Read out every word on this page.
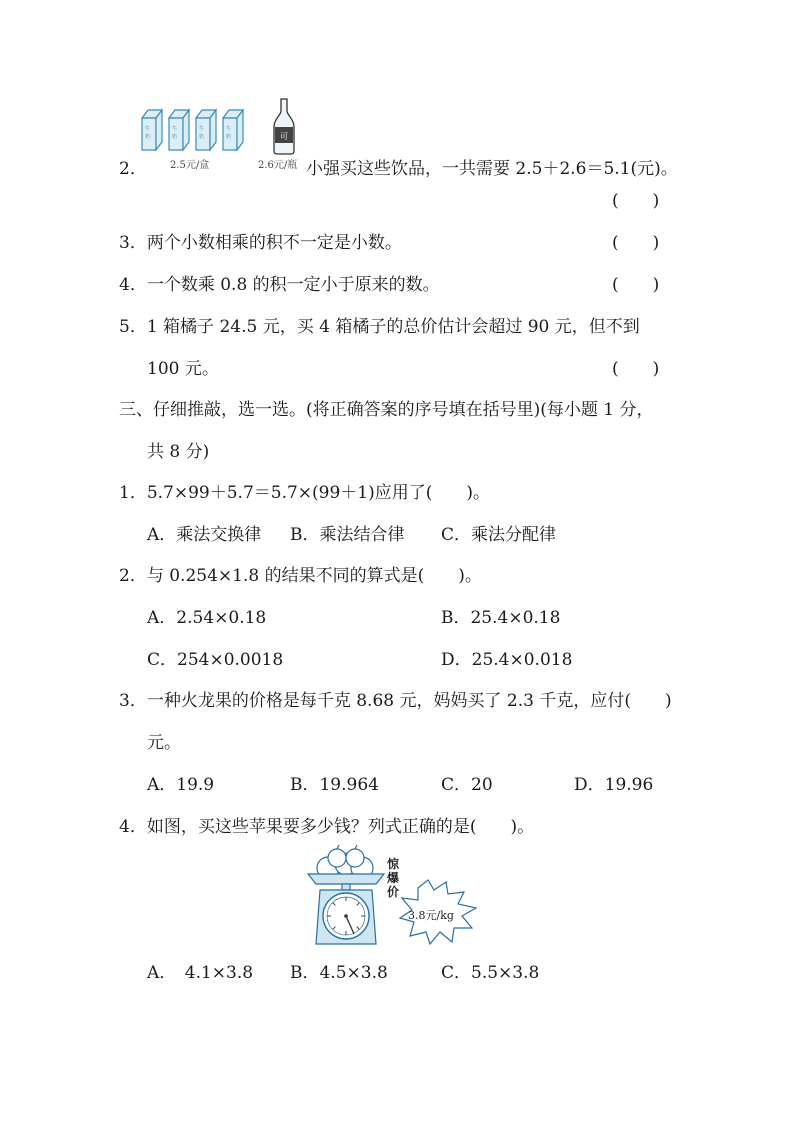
牛
奶
牛
奶
牛
奶
牛
奶
2.5元/盒
可
2.6元/瓶
2．	小强买这些饮品，一共需要 2.5＋2.6＝5.1(元)。
(　　)
3．两个小数相乘的积不一定是小数。	(　　)
4．一个数乘 0.8 的积一定小于原来的数。	(　　)
5．1 箱橘子 24.5 元，买 4 箱橘子的总价估计会超过 90 元，但不到
100 元。	(　　)
三、仔细推敲，选一选。(将正确答案的序号填在括号里)(每小题 1 分，
共 8 分)
1．5.7×99＋5.7＝5.7×(99＋1)应用了(　　)。
A．乘法交换律 B．乘法结合律 C．乘法分配律
2．与 0.254×1.8 的结果不同的算式是(　　)。
A．2.54×0.18	B．25.4×0.18
C．254×0.0018	D．25.4×0.018
3．一种火龙果的价格是每千克 8.68 元，妈妈买了 2.3 千克，应付(　　)
元。
A．19.9	B．19.964	C．20	D．19.96
4．如图，买这些苹果要多少钱？列式正确的是(　　)。
惊
爆
价
3.8元/kg
A．　4.1×3.8 B．4.5×3.8	C．5.5×3.8
